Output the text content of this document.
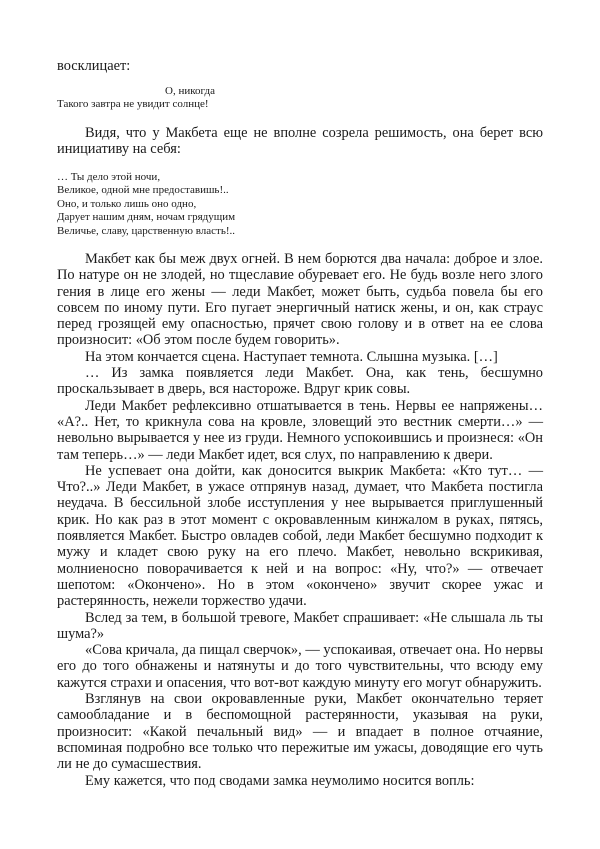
восклицает:
О, никогда
Такого завтра не увидит солнце!

Видя, что у Макбета еще не вполне созрела решимость, она берет всю инициативу на себя:

… Ты дело этой ночи,
Великое, одной мне предоставишь!..
Оно, и только лишь оно одно,
Дарует нашим дням, ночам грядущим
Величье, славу, царственную власть!..

Макбет как бы меж двух огней. В нем борются два начала: доброе и злое. По натуре он не злодей, но тщеславие обуревает его. Не будь возле него злого гения в лице его жены — леди Макбет, может быть, судьба повела бы его совсем по иному пути. Его пугает энергичный натиск жены, и он, как страус перед грозящей ему опасностью, прячет свою голову и в ответ на ее слова произносит: «Об этом после будем говорить».

На этом кончается сцена. Наступает темнота. Слышна музыка. […]

… Из замка появляется леди Макбет. Она, как тень, бесшумно проскальзывает в дверь, вся настороже. Вдруг крик совы.

Леди Макбет рефлексивно отшатывается в тень. Нервы ее напряжены… «А?.. Нет, то крикнула сова на кровле, зловещий это вестник смерти…» — невольно вырывается у нее из груди. Немного успокоившись и произнеся: «Он там теперь…» — леди Макбет идет, вся слух, по направлению к двери.

Не успевает она дойти, как доносится выкрик Макбета: «Кто тут… — Что?..» Леди Макбет, в ужасе отпрянув назад, думает, что Макбета постигла неудача. В бессильной злобе исступления у нее вырывается приглушенный крик. Но как раз в этот момент с окровавленным кинжалом в руках, пятясь, появляется Макбет. Быстро овладев собой, леди Макбет бесшумно подходит к мужу и кладет свою руку на его плечо. Макбет, невольно вскрикивая, молниеносно поворачивается к ней и на вопрос: «Ну, что?» — отвечает шепотом: «Окончено». Но в этом «окончено» звучит скорее ужас и растерянность, нежели торжество удачи.

Вслед за тем, в большой тревоге, Макбет спрашивает: «Не слышала ль ты шума?»

«Сова кричала, да пищал сверчок», — успокаивая, отвечает она. Но нервы его до того обнажены и натянуты и до того чувствительны, что всюду ему кажутся страхи и опасения, что вот-вот каждую минуту его могут обнаружить.

Взглянув на свои окровавленные руки, Макбет окончательно теряет самообладание и в беспомощной растерянности, указывая на руки, произносит: «Какой печальный вид» — и впадает в полное отчаяние, вспоминая подробно все только что пережитые им ужасы, доводящие его чуть ли не до сумасшествия.

Ему кажется, что под сводами замка неумолимо носится вопль:
